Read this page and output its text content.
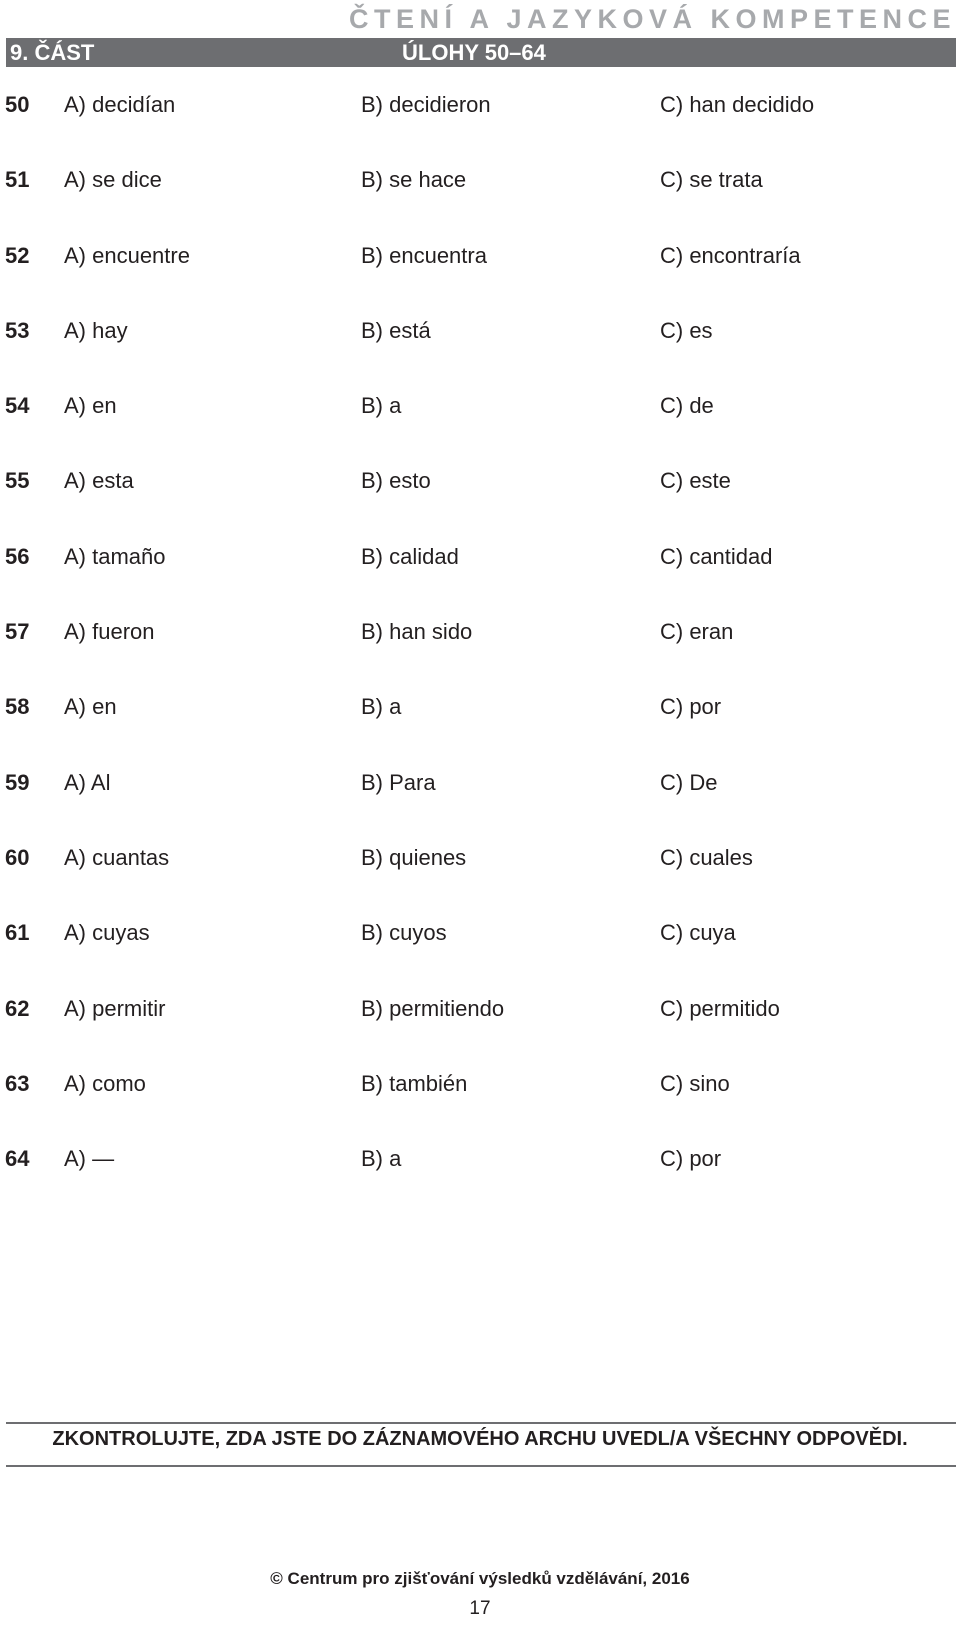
ČTENÍ A JAZYKOVÁ KOMPETENCE
9. ČÁST	ÚLOHY 50–64
50 A) decidían	B) decidieron	C) han decidido
51 A) se dice	B) se hace	C) se trata
52 A) encuentre	B) encuentra	C) encontraría
53 A) hay	B) está	C) es
54 A) en	B) a	C) de
55 A) esta	B) esto	C) este
56 A) tamaño	B) calidad	C) cantidad
57 A) fueron	B) han sido	C) eran
58 A) en	B) a	C) por
59 A) Al	B) Para	C) De
60 A) cuantas	B) quienes	C) cuales
61 A) cuyas	B) cuyos	C) cuya
62 A) permitir	B) permitiendo	C) permitido
63 A) como	B) también	C) sino
64 A) —	B) a	C) por
ZKONTROLUJTE, ZDA JSTE DO ZÁZNAMOVÉHO ARCHU UVEDL/A VŠECHNY ODPOVĚDI.
© Centrum pro zjišťování výsledků vzdělávání, 2016
17
